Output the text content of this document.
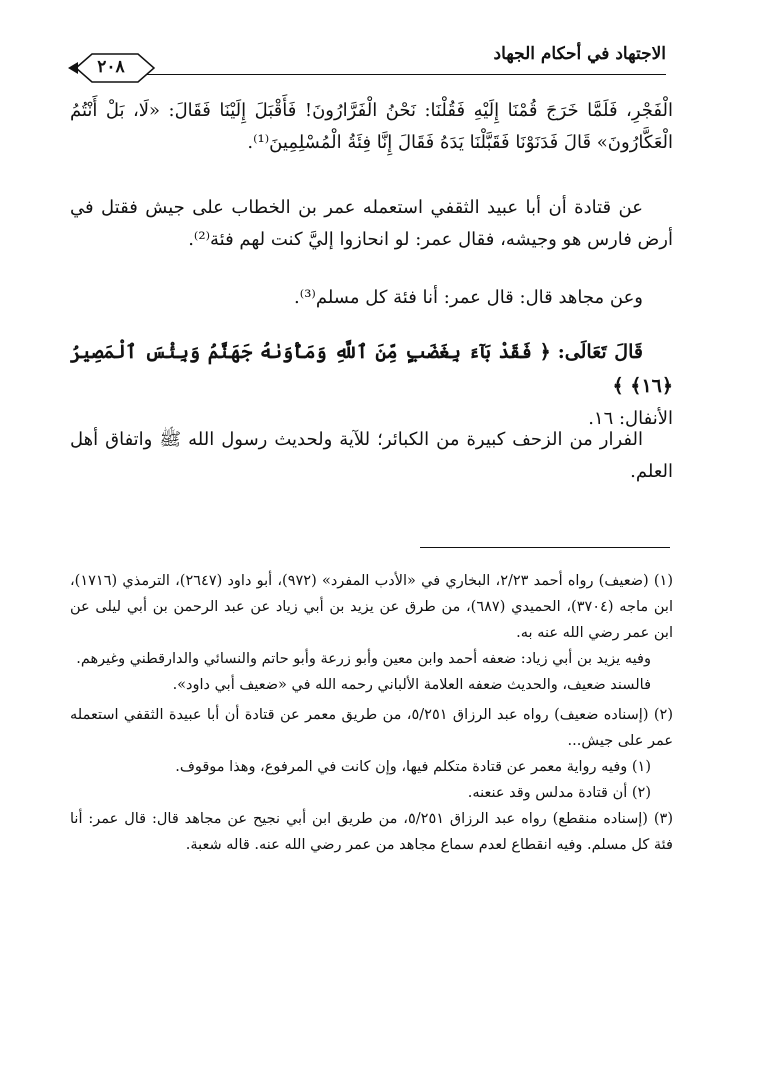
الاجتهاد في أحكام الجهاد
٢٠٨

الْفَجْرِ، فَلَمَّا خَرَجَ قُمْنَا إِلَيْهِ فَقُلْنَا: نَحْنُ الْفَرَّارُونَ! فَأَقْبَلَ إِلَيْنَا فَقَالَ: «لَا، بَلْ أَنْتُمُ الْعَكَّارُونَ» قَالَ فَدَنَوْنَا فَقَبَّلْنَا يَدَهُ فَقَالَ إِنَّا فِئَةُ الْمُسْلِمِينَ⁽¹⁾.

عن قتادة أن أبا عبيد الثقفي استعمله عمر بن الخطاب على جيش فقتل في أرض فارس هو وجيشه، فقال عمر: لو انحازوا إليَّ كنت لهم فئة⁽²⁾.

وعن مجاهد قال: قال عمر: أنا فئة كل مسلم⁽³⁾.

قَالَ تَعَالَى: ﴿ فَقَدْ بَآءَ بِغَضَبٍ مِّنَ ٱللَّهِ وَمَأْوَىٰهُ جَهَنَّمُ وَبِئْسَ ٱلْمَصِيرُ ﴿١٦﴾ ﴾

الأنفال: ١٦.

الفرار من الزحف كبيرة من الكبائر؛ للآية ولحديث رسول الله ﷺ واتفاق أهل العلم.

(١) (ضعيف) رواه أحمد ٢/٢٣، البخاري في «الأدب المفرد» (٩٧٢)، أبو داود (٢٦٤٧)، الترمذي (١٧١٦)، ابن ماجه (٣٧٠٤)، الحميدي (٦٨٧)، من طرق عن يزيد بن أبي زياد عن عبد الرحمن بن أبي ليلى عن ابن عمر رضي الله عنه به.
وفيه يزيد بن أبي زياد: ضعفه أحمد وابن معين وأبو زرعة وأبو حاتم والنسائي والدارقطني وغيرهم.
فالسند ضعيف، والحديث ضعفه العلامة الألباني رحمه الله في «ضعيف أبي داود».
(٢) (إسناده ضعيف) رواه عبد الرزاق ٥/٢٥١، من طريق معمر عن قتادة أن أبا عبيدة الثقفي استعمله عمر على جيش...
(١) وفيه رواية معمر عن قتادة متكلم فيها، وإن كانت في المرفوع، وهذا موقوف.
(٢) أن قتادة مدلس وقد عنعنه.
(٣) (إسناده منقطع) رواه عبد الرزاق ٥/٢٥١، من طريق ابن أبي نجيح عن مجاهد قال: قال عمر: أنا فئة كل مسلم. وفيه انقطاع لعدم سماع مجاهد من عمر رضي الله عنه. قاله شعبة.
